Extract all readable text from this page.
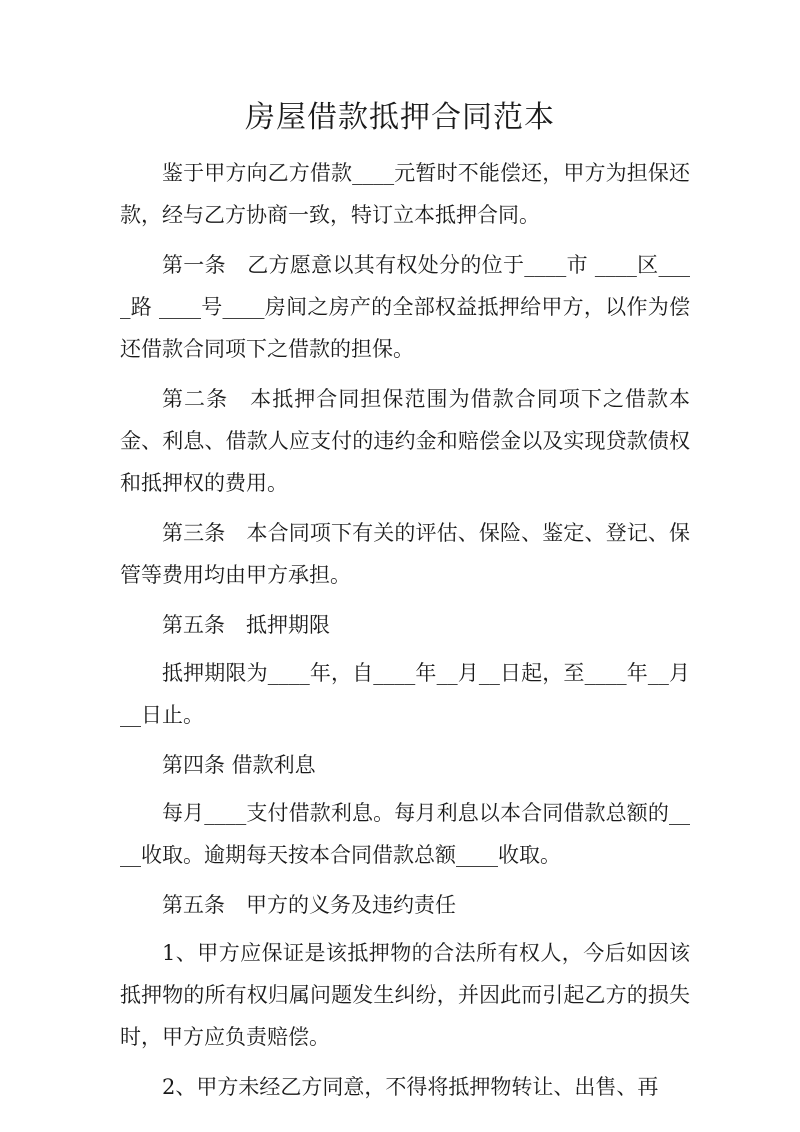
房屋借款抵押合同范本

鉴于甲方向乙方借款____元暂时不能偿还，甲方为担保还款，经与乙方协商一致，特订立本抵押合同。

第一条　乙方愿意以其有权处分的位于____市 ____区____路 ____号____房间之房产的全部权益抵押给甲方，以作为偿还借款合同项下之借款的担保。

第二条　本抵押合同担保范围为借款合同项下之借款本金、利息、借款人应支付的违约金和赔偿金以及实现贷款债权和抵押权的费用。

第三条　本合同项下有关的评估、保险、鉴定、登记、保管等费用均由甲方承担。

第五条　抵押期限

抵押期限为____年，自____年__月__日起，至____年__月__日止。

第四条 借款利息

每月____支付借款利息。每月利息以本合同借款总额的____收取。逾期每天按本合同借款总额____收取。

第五条　甲方的义务及违约责任

1、甲方应保证是该抵押物的合法所有权人，今后如因该抵押物的所有权归属问题发生纠纷，并因此而引起乙方的损失时，甲方应负责赔偿。

2、甲方未经乙方同意，不得将抵押物转让、出售、再
